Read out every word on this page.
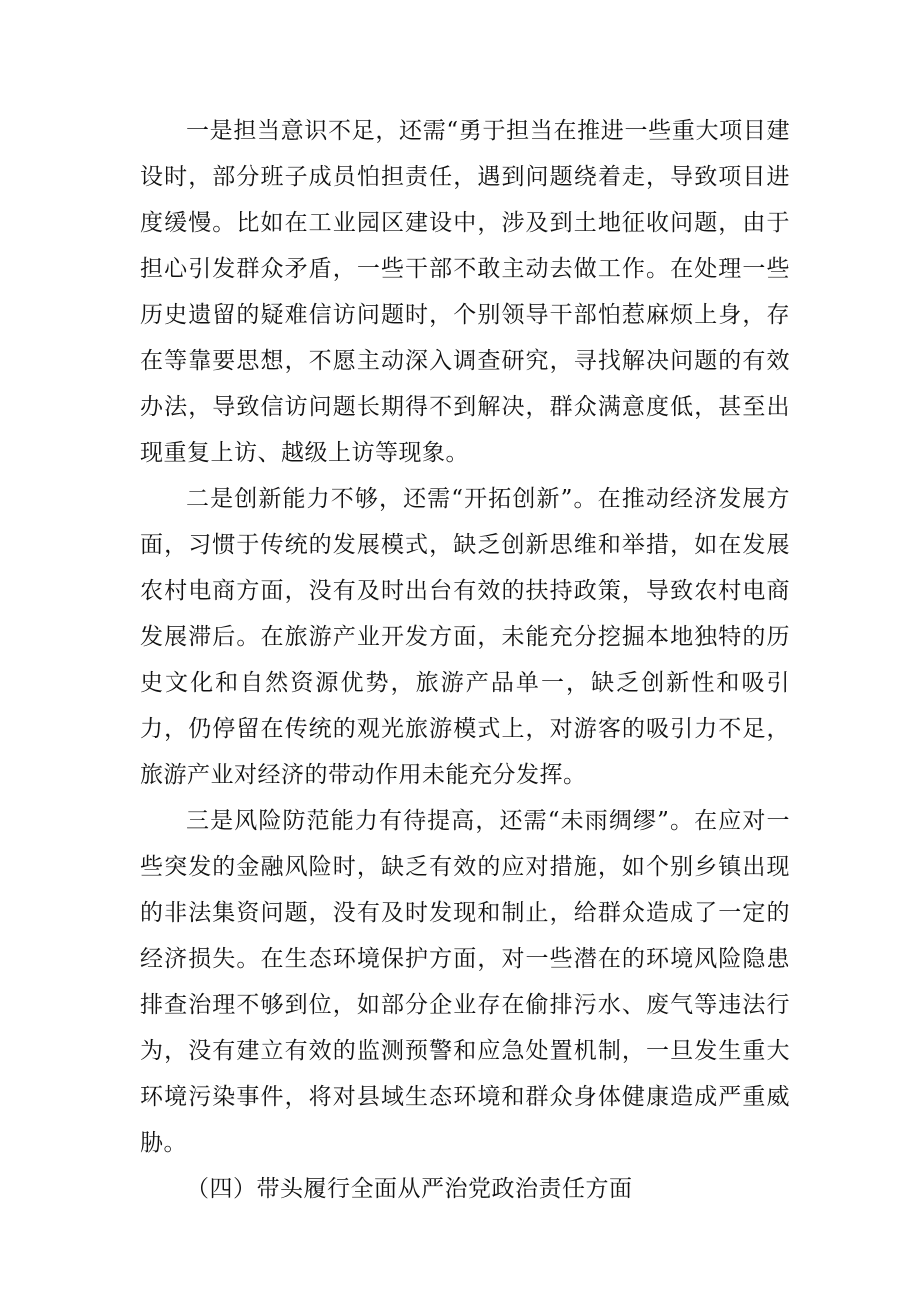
一是担当意识不足，还需“勇于担当在推进一些重大项目建设时，部分班子成员怕担责任，遇到问题绕着走，导致项目进度缓慢。比如在工业园区建设中，涉及到土地征收问题，由于担心引发群众矛盾，一些干部不敢主动去做工作。在处理一些历史遗留的疑难信访问题时，个别领导干部怕惹麻烦上身，存在等靠要思想，不愿主动深入调查研究，寻找解决问题的有效办法，导致信访问题长期得不到解决，群众满意度低，甚至出现重复上访、越级上访等现象。

二是创新能力不够，还需“开拓创新”。在推动经济发展方面，习惯于传统的发展模式，缺乏创新思维和举措，如在发展农村电商方面，没有及时出台有效的扶持政策，导致农村电商发展滞后。在旅游产业开发方面，未能充分挖掘本地独特的历史文化和自然资源优势，旅游产品单一，缺乏创新性和吸引力，仍停留在传统的观光旅游模式上，对游客的吸引力不足，旅游产业对经济的带动作用未能充分发挥。

三是风险防范能力有待提高，还需“未雨绸缪”。在应对一些突发的金融风险时，缺乏有效的应对措施，如个别乡镇出现的非法集资问题，没有及时发现和制止，给群众造成了一定的经济损失。在生态环境保护方面，对一些潜在的环境风险隐患排查治理不够到位，如部分企业存在偷排污水、废气等违法行为，没有建立有效的监测预警和应急处置机制，一旦发生重大环境污染事件，将对县域生态环境和群众身体健康造成严重威胁。

（四）带头履行全面从严治党政治责任方面
